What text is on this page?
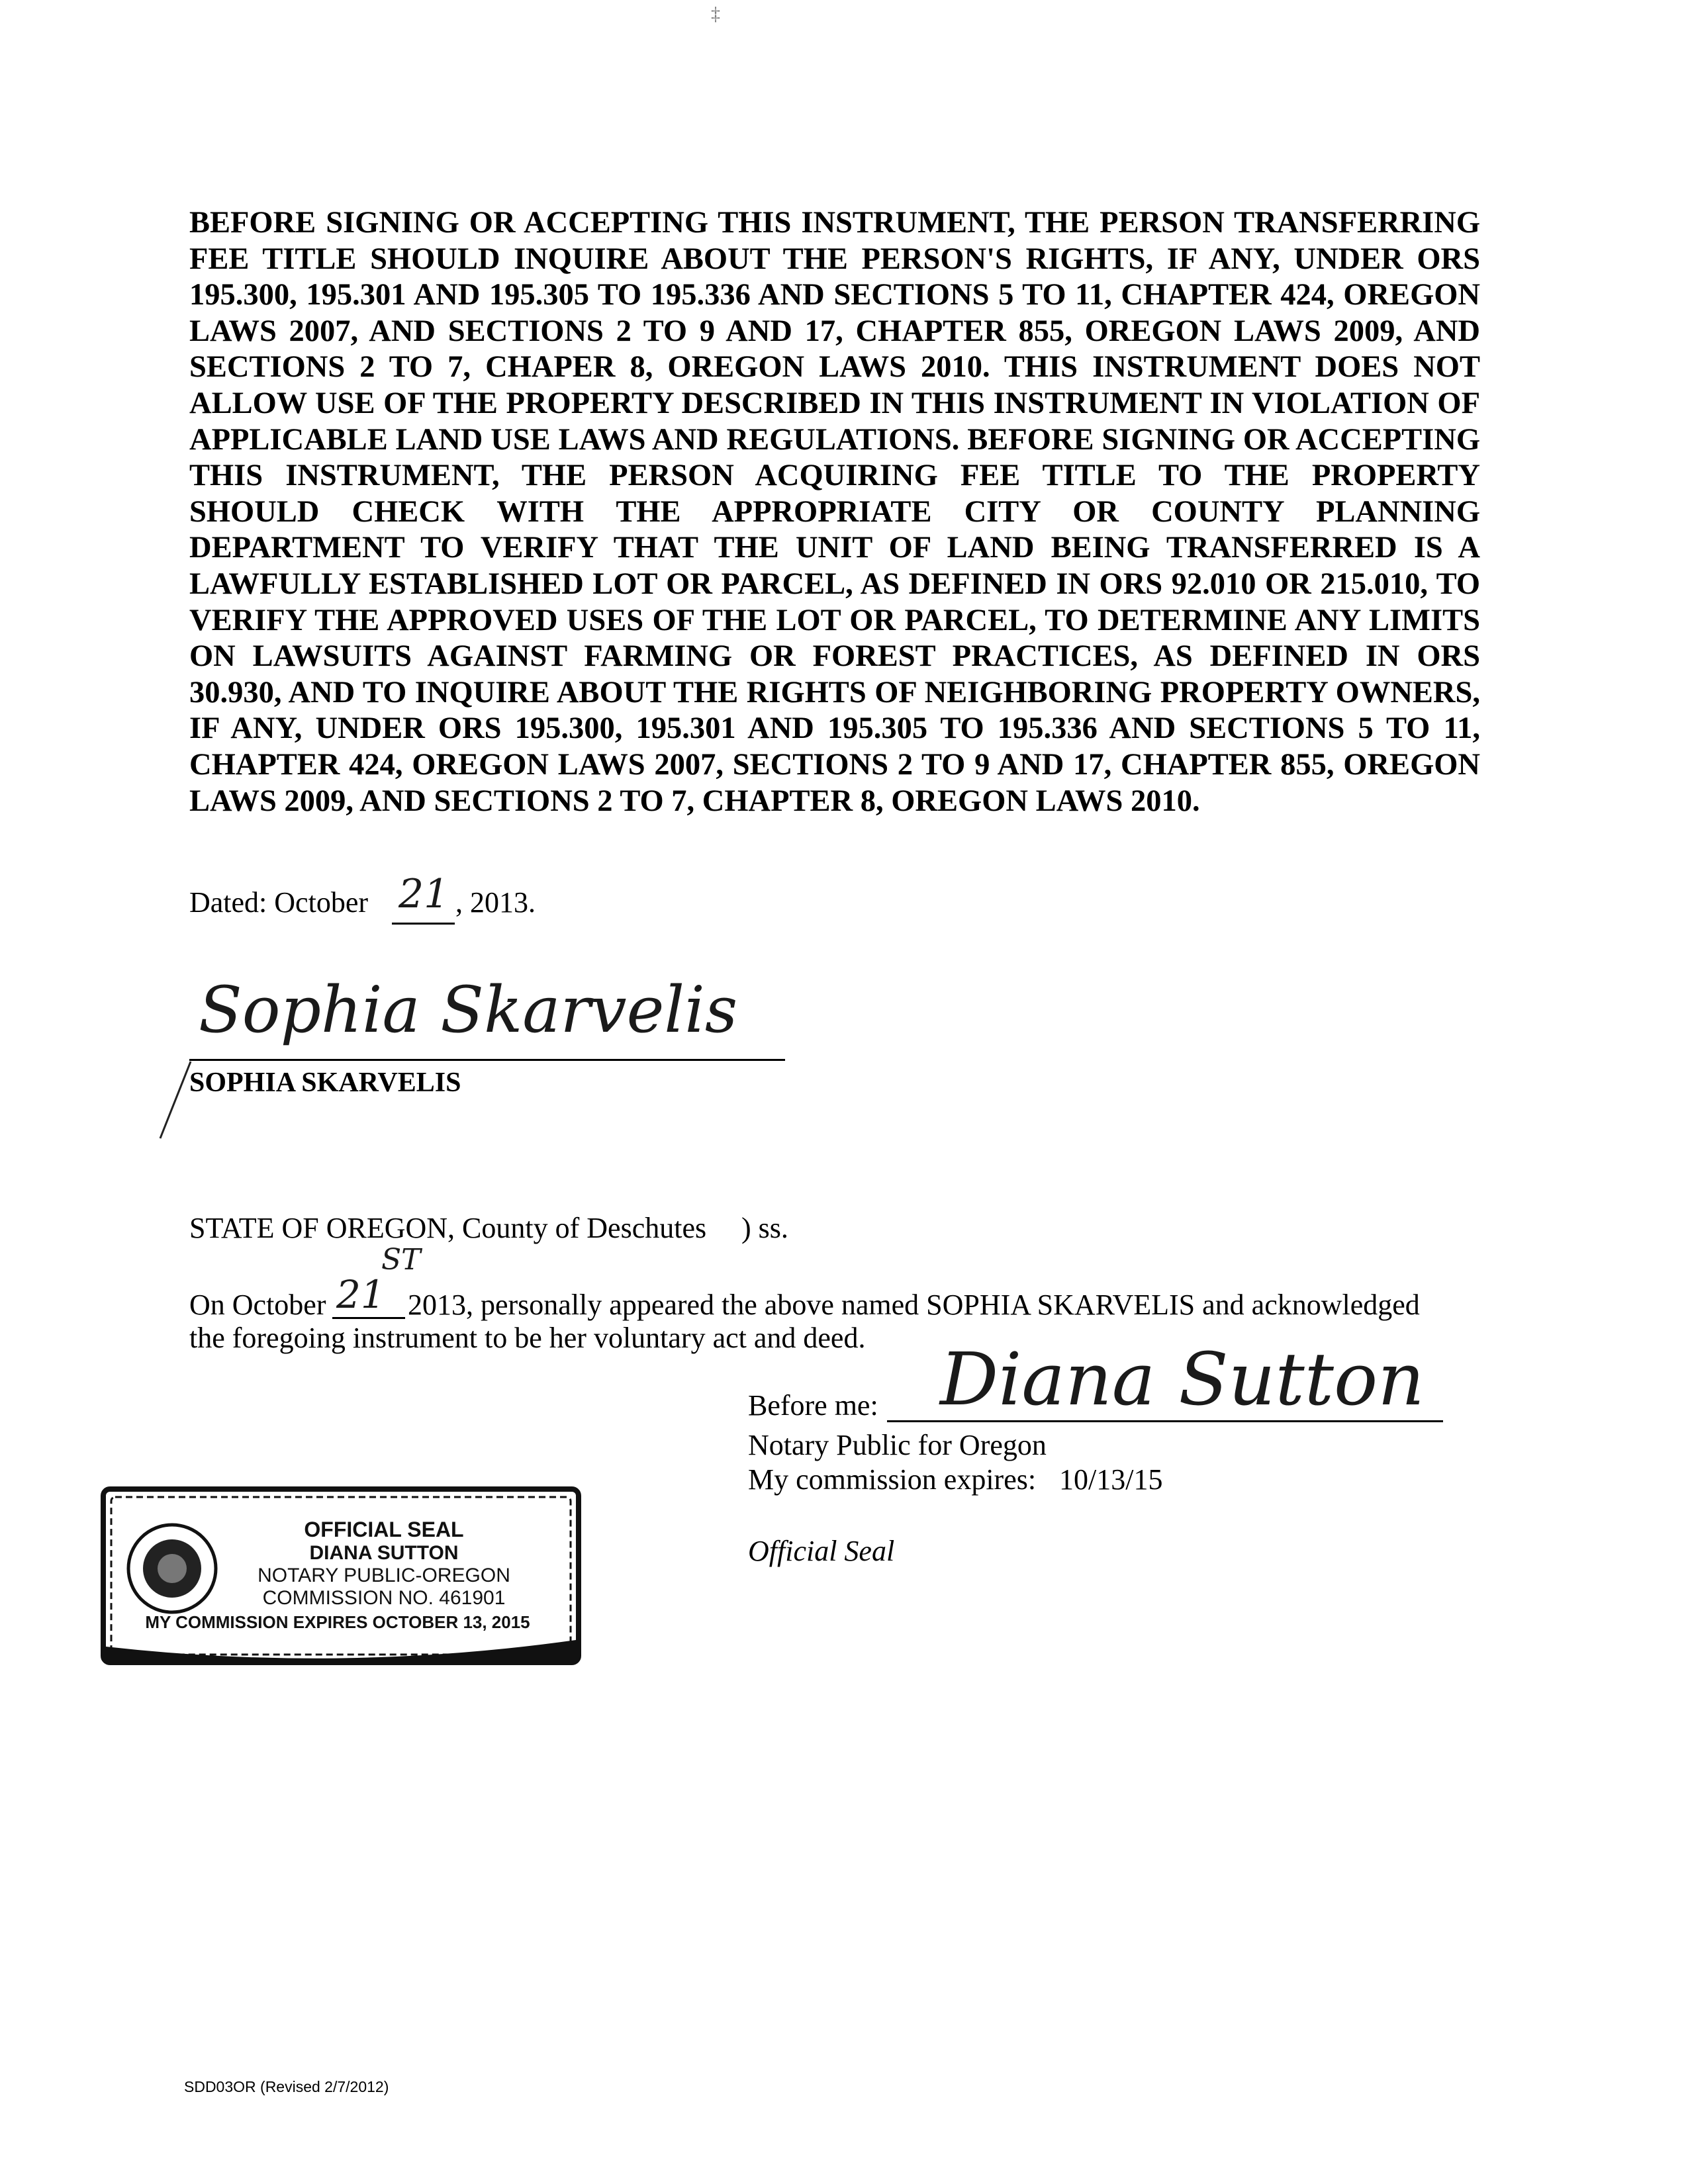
‡
BEFORE SIGNING OR ACCEPTING THIS INSTRUMENT, THE PERSON TRANSFERRING FEE TITLE SHOULD INQUIRE ABOUT THE PERSON'S RIGHTS, IF ANY, UNDER ORS 195.300, 195.301 AND 195.305 TO 195.336 AND SECTIONS 5 TO 11, CHAPTER 424, OREGON LAWS 2007, AND SECTIONS 2 TO 9 AND 17, CHAPTER 855, OREGON LAWS 2009, AND SECTIONS 2 TO 7, CHAPER 8, OREGON LAWS 2010. THIS INSTRUMENT DOES NOT ALLOW USE OF THE PROPERTY DESCRIBED IN THIS INSTRUMENT IN VIOLATION OF APPLICABLE LAND USE LAWS AND REGULATIONS. BEFORE SIGNING OR ACCEPTING THIS INSTRUMENT, THE PERSON ACQUIRING FEE TITLE TO THE PROPERTY SHOULD CHECK WITH THE APPROPRIATE CITY OR COUNTY PLANNING DEPARTMENT TO VERIFY THAT THE UNIT OF LAND BEING TRANSFERRED IS A LAWFULLY ESTABLISHED LOT OR PARCEL, AS DEFINED IN ORS 92.010 OR 215.010, TO VERIFY THE APPROVED USES OF THE LOT OR PARCEL, TO DETERMINE ANY LIMITS ON LAWSUITS AGAINST FARMING OR FOREST PRACTICES, AS DEFINED IN ORS 30.930, AND TO INQUIRE ABOUT THE RIGHTS OF NEIGHBORING PROPERTY OWNERS, IF ANY, UNDER ORS 195.300, 195.301 AND 195.305 TO 195.336 AND SECTIONS 5 TO 11, CHAPTER 424, OREGON LAWS 2007, SECTIONS 2 TO 9 AND 17, CHAPTER 855, OREGON LAWS 2009, AND SECTIONS 2 TO 7, CHAPTER 8, OREGON LAWS 2010.
Dated: October 21 , 2013.
Sophia Skarvelis
SOPHIA SKARVELIS
STATE OF OREGON, County of Deschutes ) ss.
On October 21
ST
2013, personally appeared the above named SOPHIA SKARVELIS and acknowledged
the foregoing instrument to be her voluntary act and deed.
Before me: Diana Sutton
Notary Public for Oregon
My commission expires: 10/13/15
Official Seal
OFFICIAL SEAL
DIANA SUTTON
NOTARY PUBLIC-OREGON
COMMISSION NO. 461901
MY COMMISSION EXPIRES OCTOBER 13, 2015
SDD03OR (Revised 2/7/2012)
